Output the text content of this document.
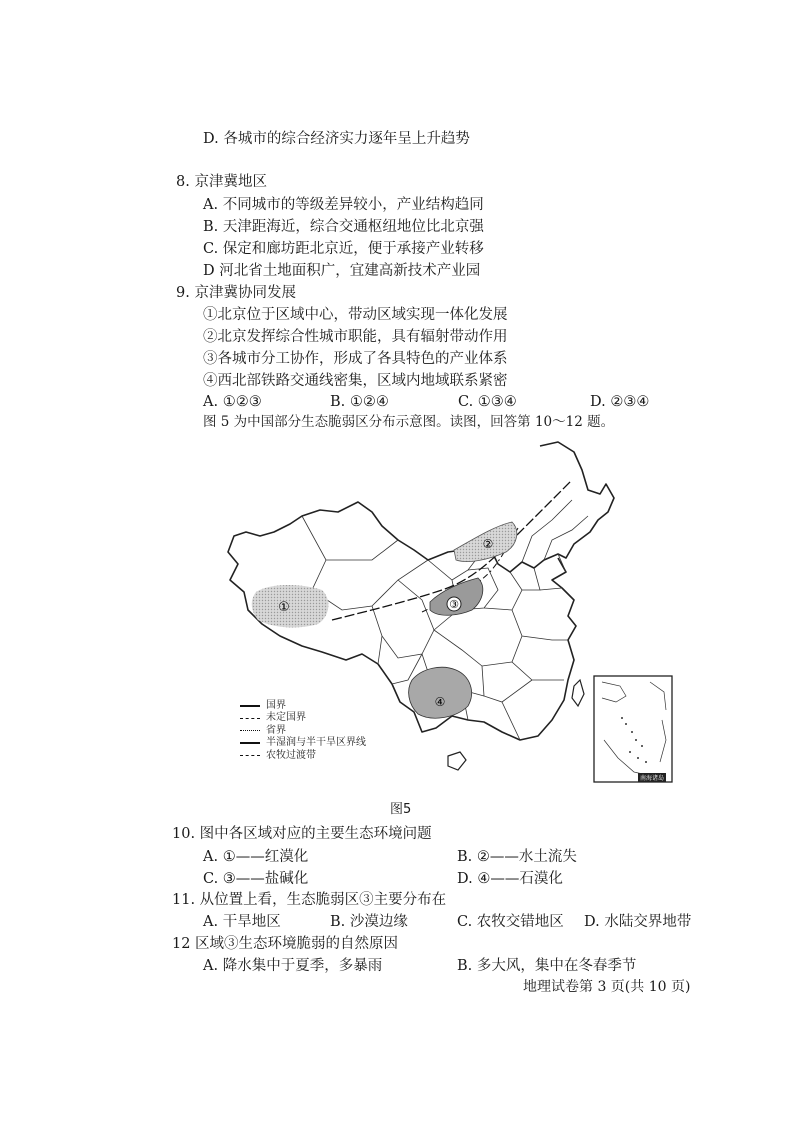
D. 各城市的综合经济实力逐年呈上升趋势
8. 京津冀地区
A. 不同城市的等级差异较小，产业结构趋同
B. 天津距海近，综合交通枢纽地位比北京强
C. 保定和廊坊距北京近，便于承接产业转移
D 河北省土地面积广，宜建高新技术产业园
9. 京津冀协同发展
①北京位于区域中心，带动区域实现一体化发展
②北京发挥综合性城市职能，具有辐射带动作用
③各城市分工协作，形成了各具特色的产业体系
④西北部铁路交通线密集，区域内地域联系紧密
A. ①②③	B. ①②④	C. ①③④	D. ②③④
图 5 为中国部分生态脆弱区分布示意图。读图，回答第 10～12 题。
①
②
③
④
南海诸岛
国界
未定国界
省界
半湿润与半干旱区界线
农牧过渡带
图5
10. 图中各区域对应的主要生态环境问题
A. ①——红漠化	B. ②——水土流失
C. ③——盐碱化	D. ④——石漠化
11. 从位置上看，生态脆弱区③主要分布在
A. 干旱地区	B. 沙漠边缘	C. 农牧交错地区 D. 水陆交界地带
12 区域③生态环境脆弱的自然原因
A. 降水集中于夏季，多暴雨	B. 多大风，集中在冬春季节
地理试卷第 3 页(共 10 页)
